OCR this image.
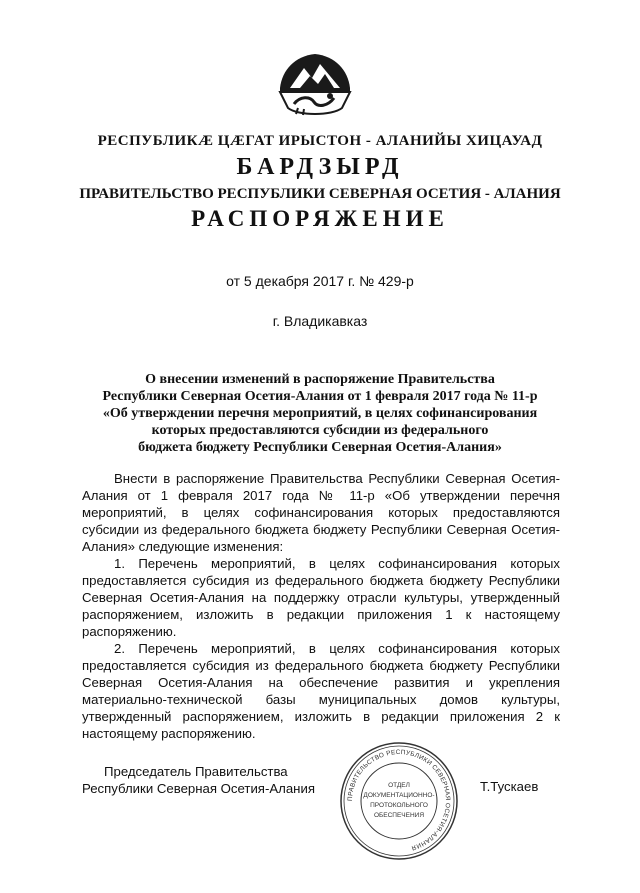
РЕСПУБЛИКӔ ЦӔГАТ ИРЫСТОН - АЛАНИЙЫ ХИЦАУАД
БАРДЗЫРД
ПРАВИТЕЛЬСТВО РЕСПУБЛИКИ СЕВЕРНАЯ ОСЕТИЯ - АЛАНИЯ
РАСПОРЯЖЕНИЕ
от 5 декабря 2017 г. № 429-р
г. Владикавказ
О внесении изменений в распоряжение Правительства
Республики Северная Осетия-Алания от 1 февраля 2017 года № 11-р
«Об утверждении перечня мероприятий, в целях софинансирования
которых предоставляются субсидии из федерального
бюджета бюджету Республики Северная Осетия-Алания»

Внести в распоряжение Правительства Республики Северная Осетия-Алания от 1 февраля 2017 года № 11-р «Об утверждении перечня мероприятий, в целях софинансирования которых предоставляются субсидии из федерального бюджета бюджету Республики Северная Осетия-Алания» следующие изменения:

1. Перечень мероприятий, в целях софинансирования которых предоставляется субсидия из федерального бюджета бюджету Республики Северная Осетия-Алания на поддержку отрасли культуры, утвержденный распоряжением, изложить в редакции приложения 1 к настоящему распоряжению.

2. Перечень мероприятий, в целях софинансирования которых предоставляется субсидия из федерального бюджета бюджету Республики Северная Осетия-Алания на обеспечение развития и укрепления материально-технической базы муниципальных домов культуры, утвержденный распоряжением, изложить в редакции приложения 2 к настоящему распоряжению.

Председатель Правительства
Республики Северная Осетия-Алания
ПРАВИТЕЛЬСТВО РЕСПУБЛИКИ СЕВЕРНАЯ ОСЕТИЯ-АЛАНИЯ
ОТДЕЛ
ДОКУМЕНТАЦИОННО-
ПРОТОКОЛЬНОГО
ОБЕСПЕЧЕНИЯ
Т.Тускаев
